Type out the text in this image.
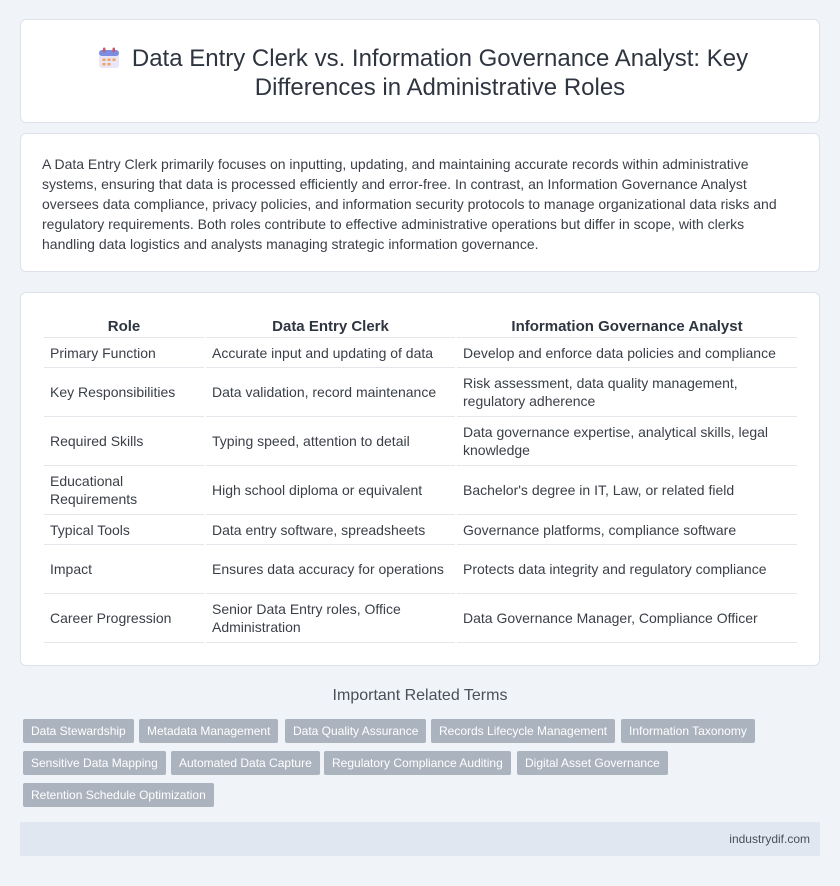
Data Entry Clerk vs. Information Governance Analyst: Key Differences in Administrative Roles

A Data Entry Clerk primarily focuses on inputting, updating, and maintaining accurate records within administrative systems, ensuring that data is processed efficiently and error-free. In contrast, an Information Governance Analyst oversees data compliance, privacy policies, and information security protocols to manage organizational data risks and regulatory requirements. Both roles contribute to effective administrative operations but differ in scope, with clerks handling data logistics and analysts managing strategic information governance.

Role	Data Entry Clerk	Information Governance Analyst
Primary Function	Accurate input and updating of data	Develop and enforce data policies and compliance
Key Responsibilities	Data validation, record maintenance	Risk assessment, data quality management, regulatory adherence
Required Skills	Typing speed, attention to detail	Data governance expertise, analytical skills, legal knowledge
Educational Requirements	High school diploma or equivalent	Bachelor's degree in IT, Law, or related field
Typical Tools	Data entry software, spreadsheets	Governance platforms, compliance software
Impact	Ensures data accuracy for operations	Protects data integrity and regulatory compliance
Career Progression	Senior Data Entry roles, Office Administration	Data Governance Manager, Compliance Officer
Important Related Terms
Data Stewardship	Metadata Management	Data Quality Assurance	Records Lifecycle Management	Information Taxonomy
Sensitive Data Mapping	Automated Data Capture	Regulatory Compliance Auditing	Digital Asset Governance
Retention Schedule Optimization
industrydif.com
